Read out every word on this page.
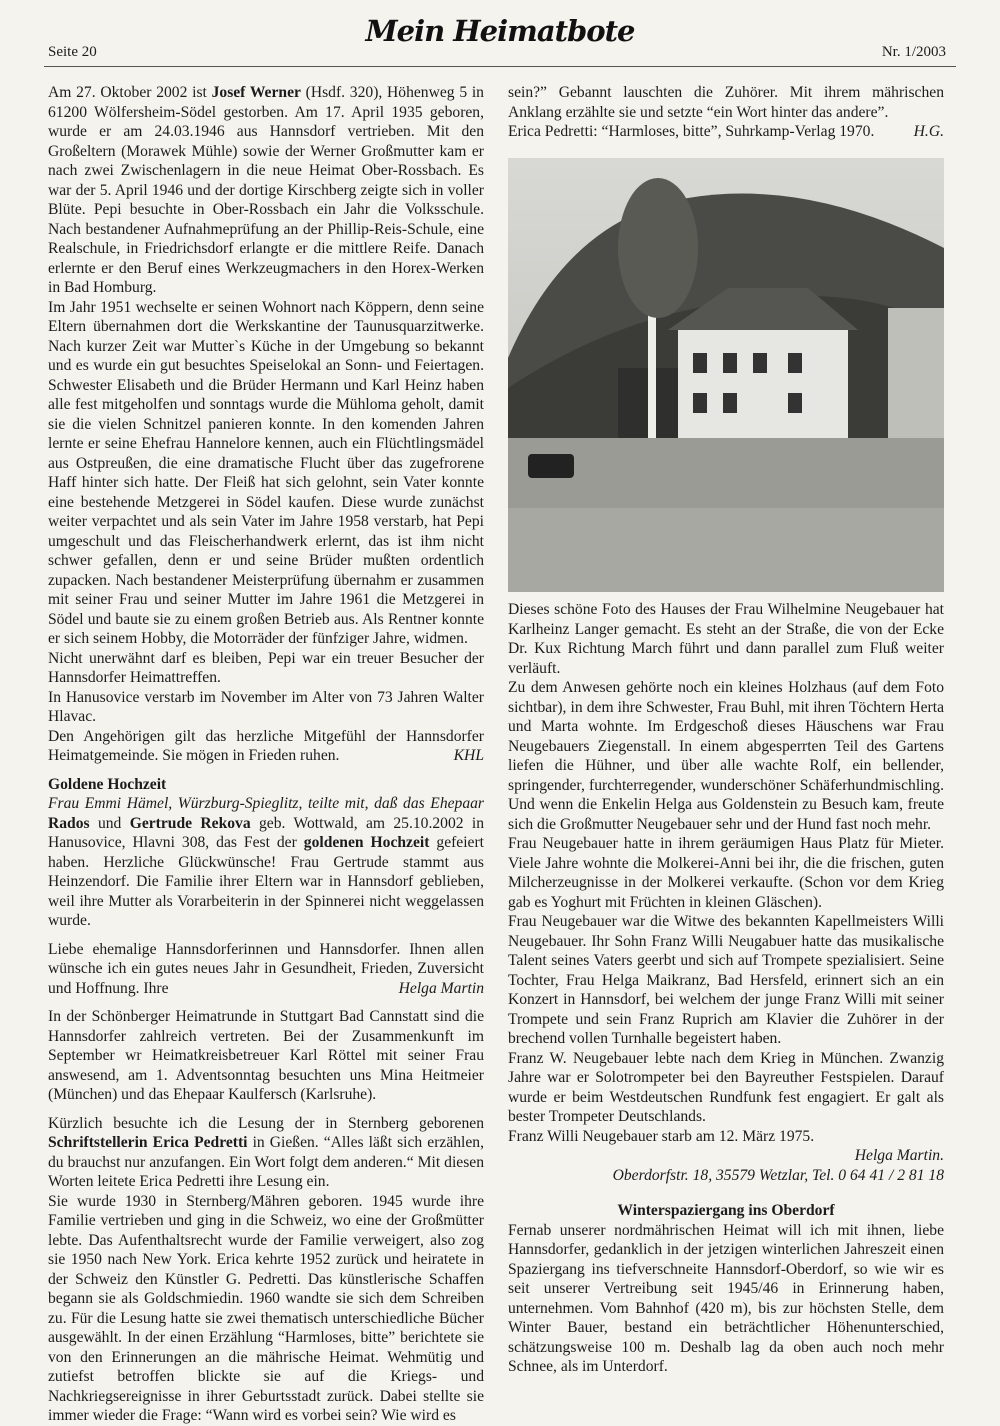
Seite 20
Mein Heimatbote
Nr. 1/2003

Am 27. Oktober 2002 ist Josef Werner (Hsdf. 320), Höhenweg 5 in 61200 Wölfersheim-Södel gestorben. Am 17. April 1935 geboren, wurde er am 24.03.1946 aus Hannsdorf vertrieben. Mit den Großeltern (Morawek Mühle) sowie der Werner Großmutter kam er nach zwei Zwischenlagern in die neue Heimat Ober-Rossbach. Es war der 5. April 1946 und der dortige Kirschberg zeigte sich in voller Blüte. Pepi besuchte in Ober-Rossbach ein Jahr die Volksschule. Nach bestandener Aufnahmeprüfung an der Phillip-Reis-Schule, eine Realschule, in Friedrichsdorf erlangte er die mittlere Reife. Danach erlernte er den Beruf eines Werkzeugmachers in den Horex-Werken in Bad Homburg.

Im Jahr 1951 wechselte er seinen Wohnort nach Köppern, denn seine Eltern übernahmen dort die Werkskantine der Taunusquarzitwerke. Nach kurzer Zeit war Mutter`s Küche in der Umgebung so bekannt und es wurde ein gut besuchtes Speiselokal an Sonn- und Feiertagen. Schwester Elisabeth und die Brüder Hermann und Karl Heinz haben alle fest mitgeholfen und sonntags wurde die Mühloma geholt, damit sie die vielen Schnitzel panieren konnte. In den komenden Jahren lernte er seine Ehefrau Hannelore kennen, auch ein Flüchtlingsmädel aus Ostpreußen, die eine dramatische Flucht über das zugefrorene Haff hinter sich hatte. Der Fleiß hat sich gelohnt, sein Vater konnte eine bestehende Metzgerei in Södel kaufen. Diese wurde zunächst weiter verpachtet und als sein Vater im Jahre 1958 verstarb, hat Pepi umgeschult und das Fleischerhandwerk erlernt, das ist ihm nicht schwer gefallen, denn er und seine Brüder mußten ordentlich zupacken. Nach bestandener Meisterprüfung übernahm er zusammen mit seiner Frau und seiner Mutter im Jahre 1961 die Metzgerei in Södel und baute sie zu einem großen Betrieb aus. Als Rentner konnte er sich seinem Hobby, die Motorräder der fünfziger Jahre, widmen.

Nicht unerwähnt darf es bleiben, Pepi war ein treuer Besucher der Hannsdorfer Heimattreffen.

In Hanusovice verstarb im November im Alter von 73 Jahren Walter Hlavac.

Den Angehörigen gilt das herzliche Mitgefühl der Hannsdorfer Heimatgemeinde. Sie mögen in Frieden ruhen.	KHL

Goldene Hochzeit

Frau Emmi Hämel, Würzburg-Spieglitz, teilte mit, daß das Ehepaar Rados und Gertrude Rekova geb. Wottwald, am 25.10.2002 in Hanusovice, Hlavni 308, das Fest der goldenen Hochzeit gefeiert haben. Herzliche Glückwünsche! Frau Gertrude stammt aus Heinzendorf. Die Familie ihrer Eltern war in Hannsdorf geblieben, weil ihre Mutter als Vorarbeiterin in der Spinnerei nicht weggelassen wurde.

Liebe ehemalige Hannsdorferinnen und Hannsdorfer. Ihnen allen wünsche ich ein gutes neues Jahr in Gesundheit, Frieden, Zuversicht und Hoffnung. Ihre	Helga Martin

In der Schönberger Heimatrunde in Stuttgart Bad Cannstatt sind die Hannsdorfer zahlreich vertreten. Bei der Zusammenkunft im September wr Heimatkreisbetreuer Karl Röttel mit seiner Frau answesend, am 1. Adventsonntag besuchten uns Mina Heitmeier (München) und das Ehepaar Kaulfersch (Karlsruhe).

Kürzlich besuchte ich die Lesung der in Sternberg geborenen Schriftstellerin Erica Pedretti in Gießen. “Alles läßt sich erzählen, du brauchst nur anzufangen. Ein Wort folgt dem anderen.“ Mit diesen Worten leitete Erica Pedretti ihre Lesung ein.

Sie wurde 1930 in Sternberg/Mähren geboren. 1945 wurde ihre Familie vertrieben und ging in die Schweiz, wo eine der Großmütter lebte. Das Aufenthaltsrecht wurde der Familie verweigert, also zog sie 1950 nach New York. Erica kehrte 1952 zurück und heiratete in der Schweiz den Künstler G. Pedretti. Das künstlerische Schaffen begann sie als Goldschmiedin. 1960 wandte sie sich dem Schreiben zu. Für die Lesung hatte sie zwei thematisch unterschiedliche Bücher ausgewählt. In der einen Erzählung “Harmloses, bitte” berichtete sie von den Erinnerungen an die mährische Heimat. Wehmütig und zutiefst betroffen blickte sie auf die Kriegs- und Nachkriegsereignisse in ihrer Geburtsstadt zurück. Dabei stellte sie immer wieder die Frage: “Wann wird es vorbei sein? Wie wird es

sein?” Gebannt lauschten die Zuhörer. Mit ihrem mährischen Anklang erzählte sie und setzte “ein Wort hinter das andere”.

Erica Pedretti: “Harmloses, bitte”, Suhrkamp-Verlag 1970.	H.G.

Dieses schöne Foto des Hauses der Frau Wilhelmine Neugebauer hat Karlheinz Langer gemacht. Es steht an der Straße, die von der Ecke Dr. Kux Richtung March führt und dann parallel zum Fluß weiter verläuft.

Zu dem Anwesen gehörte noch ein kleines Holzhaus (auf dem Foto sichtbar), in dem ihre Schwester, Frau Buhl, mit ihren Töchtern Herta und Marta wohnte. Im Erdgeschoß dieses Häuschens war Frau Neugebauers Ziegenstall. In einem abgesperrten Teil des Gartens liefen die Hühner, und über alle wachte Rolf, ein bellender, springender, furchterregender, wunderschöner Schäferhundmischling. Und wenn die Enkelin Helga aus Goldenstein zu Besuch kam, freute sich die Großmutter Neugebauer sehr und der Hund fast noch mehr.

Frau Neugebauer hatte in ihrem geräumigen Haus Platz für Mieter. Viele Jahre wohnte die Molkerei-Anni bei ihr, die die frischen, guten Milcherzeugnisse in der Molkerei verkaufte. (Schon vor dem Krieg gab es Yoghurt mit Früchten in kleinen Gläschen).

Frau Neugebauer war die Witwe des bekannten Kapellmeisters Willi Neugebauer. Ihr Sohn Franz Willi Neugabuer hatte das musikalische Talent seines Vaters geerbt und sich auf Trompete spezialisiert. Seine Tochter, Frau Helga Maikranz, Bad Hersfeld, erinnert sich an ein Konzert in Hannsdorf, bei welchem der junge Franz Willi mit seiner Trompete und sein Franz Ruprich am Klavier die Zuhörer in der brechend vollen Turnhalle begeistert haben.

Franz W. Neugebauer lebte nach dem Krieg in München. Zwanzig Jahre war er Solotrompeter bei den Bayreuther Festspielen. Darauf wurde er beim Westdeutschen Rundfunk fest engagiert. Er galt als bester Trompeter Deutschlands.

Franz Willi Neugebauer starb am 12. März 1975.

Helga Martin.

Oberdorfstr. 18, 35579 Wetzlar, Tel. 0 64 41 / 2 81 18

Winterspaziergang ins Oberdorf

Fernab unserer nordmährischen Heimat will ich mit ihnen, liebe Hannsdorfer, gedanklich in der jetzigen winterlichen Jahreszeit einen Spaziergang ins tiefverschneite Hannsdorf-Oberdorf, so wie wir es seit unserer Vertreibung seit 1945/46 in Erinnerung haben, unternehmen. Vom Bahnhof (420 m), bis zur höchsten Stelle, dem Winter Bauer, bestand ein beträchtlicher Höhenunterschied, schätzungsweise 100 m. Deshalb lag da oben auch noch mehr Schnee, als im Unterdorf.
